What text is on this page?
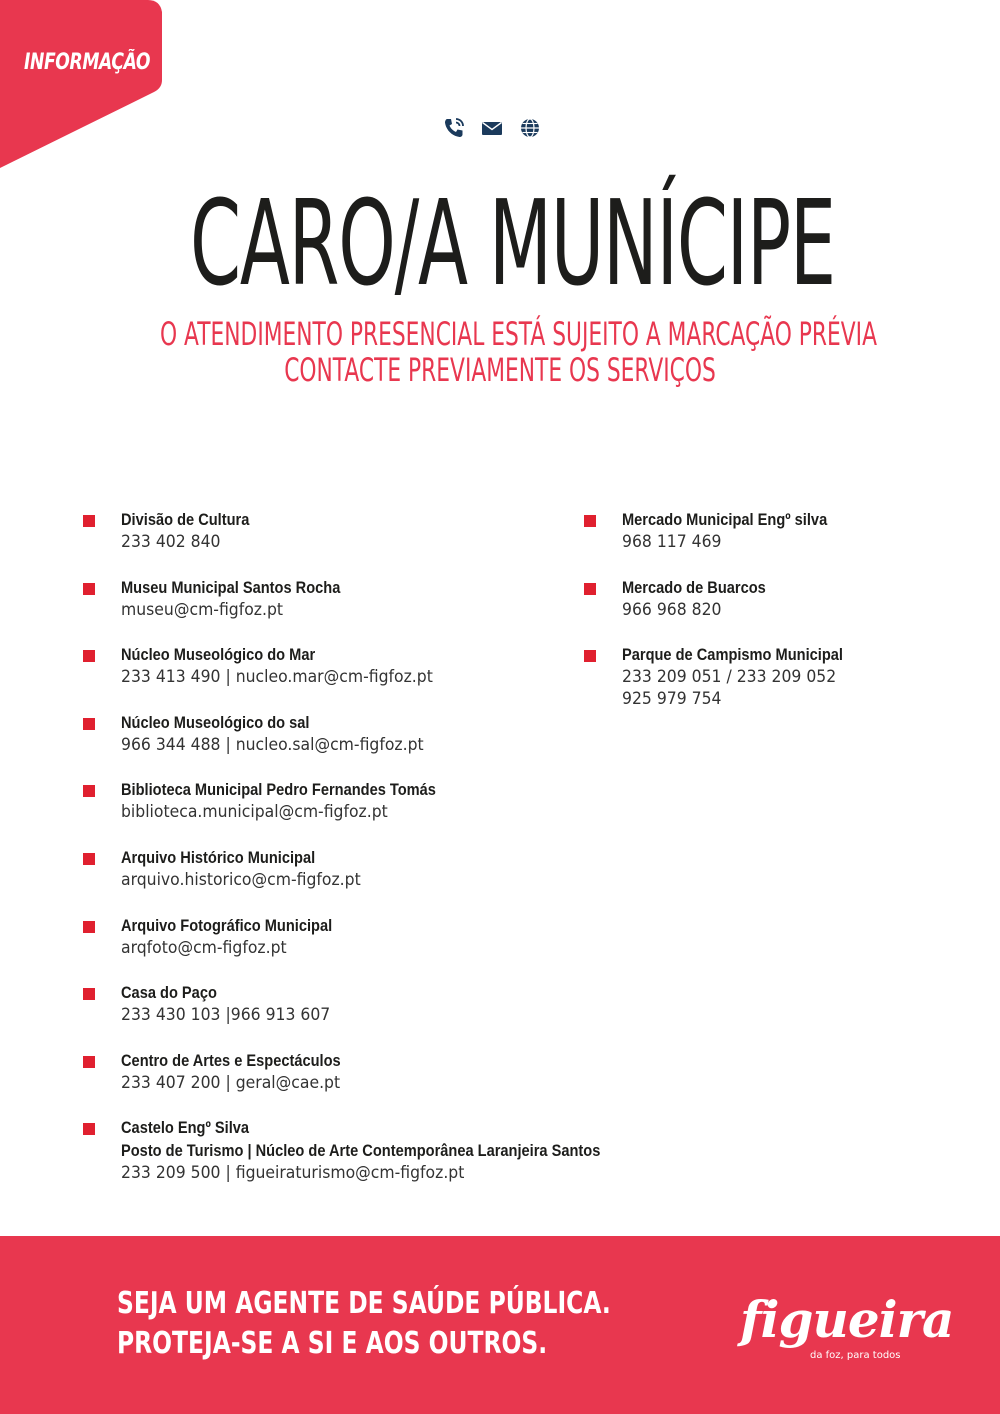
INFORMAÇÃO
CARO/A MUNÍCIPE
O ATENDIMENTO PRESENCIAL ESTÁ SUJEITO A MARCAÇÃO PRÉVIA
CONTACTE PREVIAMENTE OS SERVIÇOS
Divisão de Cultura
233 402 840
Museu Municipal Santos Rocha
museu@cm-figfoz.pt
Núcleo Museológico do Mar
233 413 490 | nucleo.mar@cm-figfoz.pt
Núcleo Museológico do sal
966 344 488 | nucleo.sal@cm-figfoz.pt
Biblioteca Municipal Pedro Fernandes Tomás
biblioteca.municipal@cm-figfoz.pt
Arquivo Histórico Municipal
arquivo.historico@cm-figfoz.pt
Arquivo Fotográfico Municipal
arqfoto@cm-figfoz.pt
Casa do Paço
233 430 103 |966 913 607
Centro de Artes e Espectáculos
233 407 200 | geral@cae.pt
Castelo Engº Silva
Posto de Turismo | Núcleo de Arte Contemporânea Laranjeira Santos
233 209 500 | figueiraturismo@cm-figfoz.pt
Mercado Municipal Engº silva
968 117 469
Mercado de Buarcos
966 968 820
Parque de Campismo Municipal
233 209 051 / 233 209 052
925 979 754
SEJA UM AGENTE DE SAÚDE PÚBLICA.
PROTEJA-SE A SI E AOS OUTROS.	figueira
da foz, para todos
